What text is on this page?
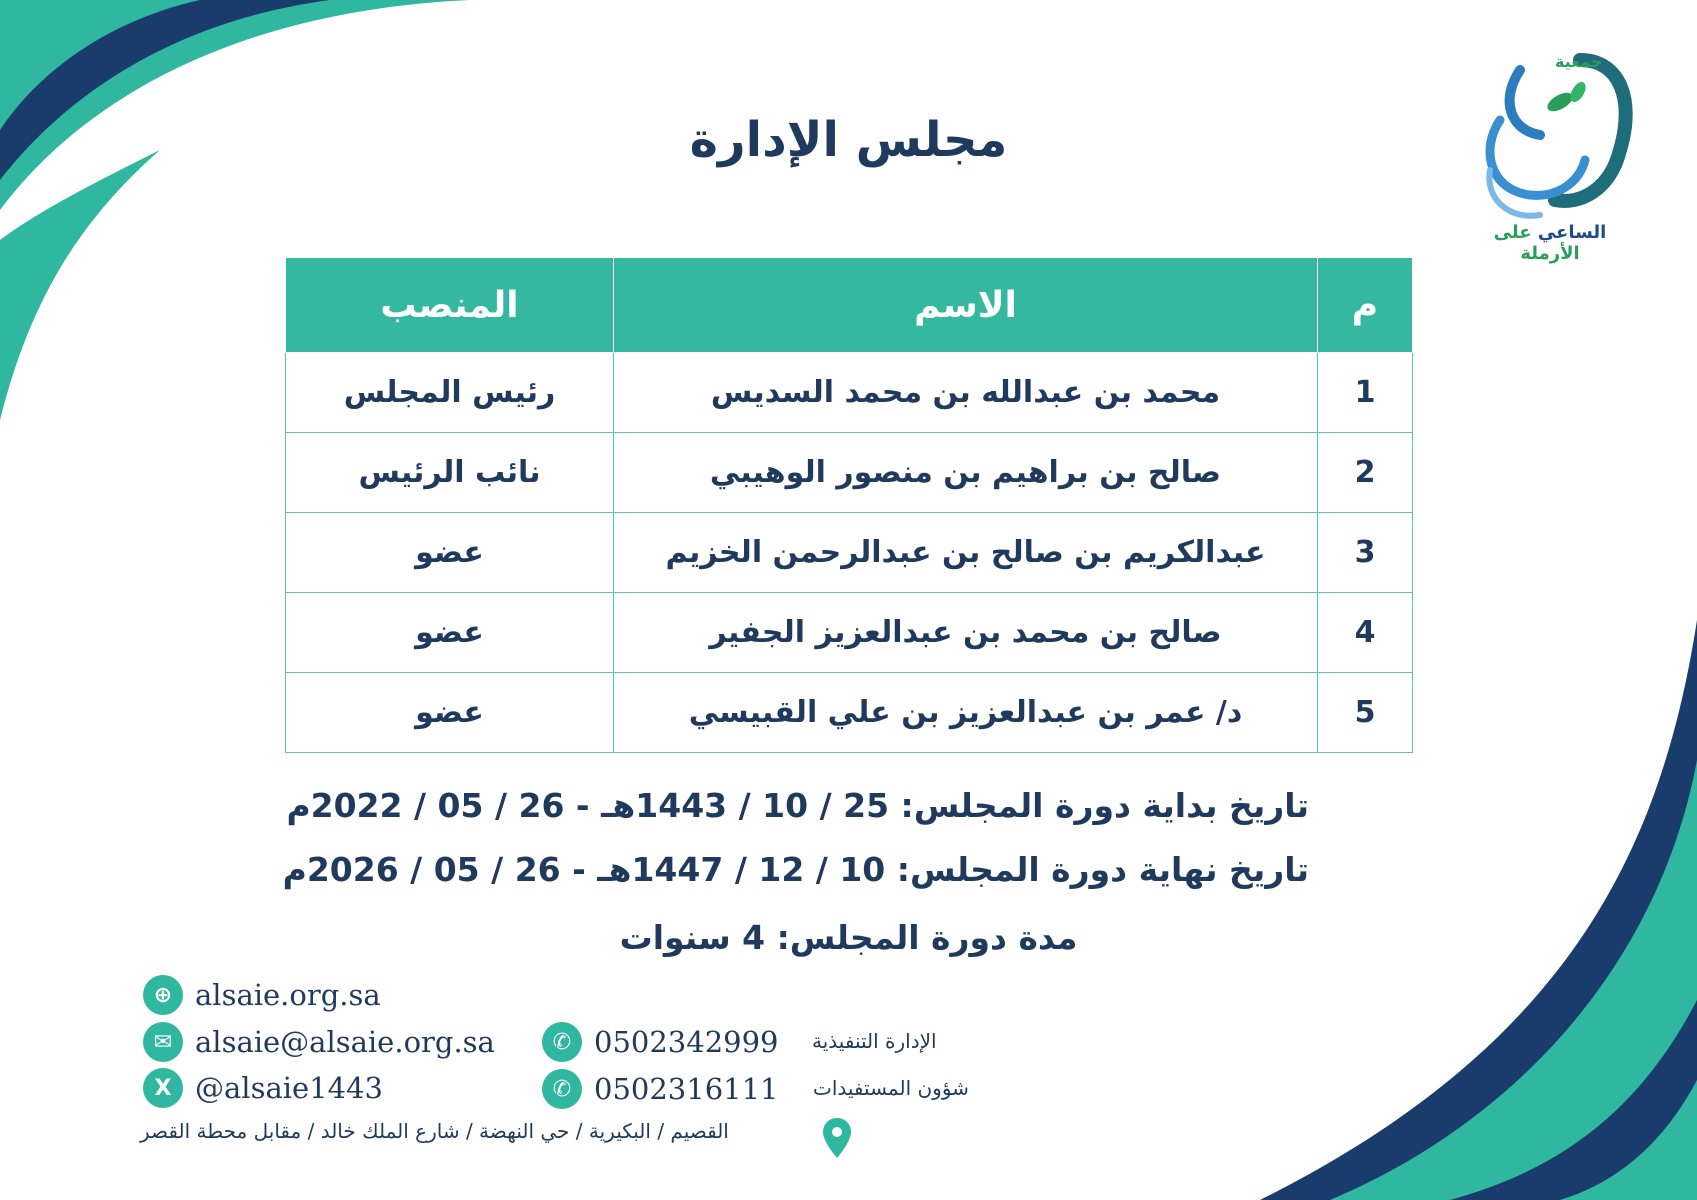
جمعية
الساعي على الأرملة
مجلس الإدارة
م	الاسم	المنصب
1	محمد بن عبدالله بن محمد السديس	رئيس المجلس
2	صالح بن براهيم بن منصور الوهيبي	نائب الرئيس
3	عبدالكريم بن صالح بن عبدالرحمن الخزيم	عضو
4	صالح بن محمد بن عبدالعزيز الجفير	عضو
5	د/ عمر بن عبدالعزيز بن علي القبيسي	عضو
تاريخ بداية دورة المجلس: 25 / 10 / 1443هـ - 26 / 05 / 2022م
تاريخ نهاية دورة المجلس: 10 / 12 / 1447هـ - 26 / 05 / 2026م
مدة دورة المجلس: 4 سنوات
⊕ alsaie.org.sa
✉ alsaie@alsaie.org.sa
X @alsaie1443
✆ 0502342999 الإدارة التنفيذية
✆ 0502316111 شؤون المستفيدات
القصيم / البكيرية / حي النهضة / شارع الملك خالد / مقابل محطة القصر
